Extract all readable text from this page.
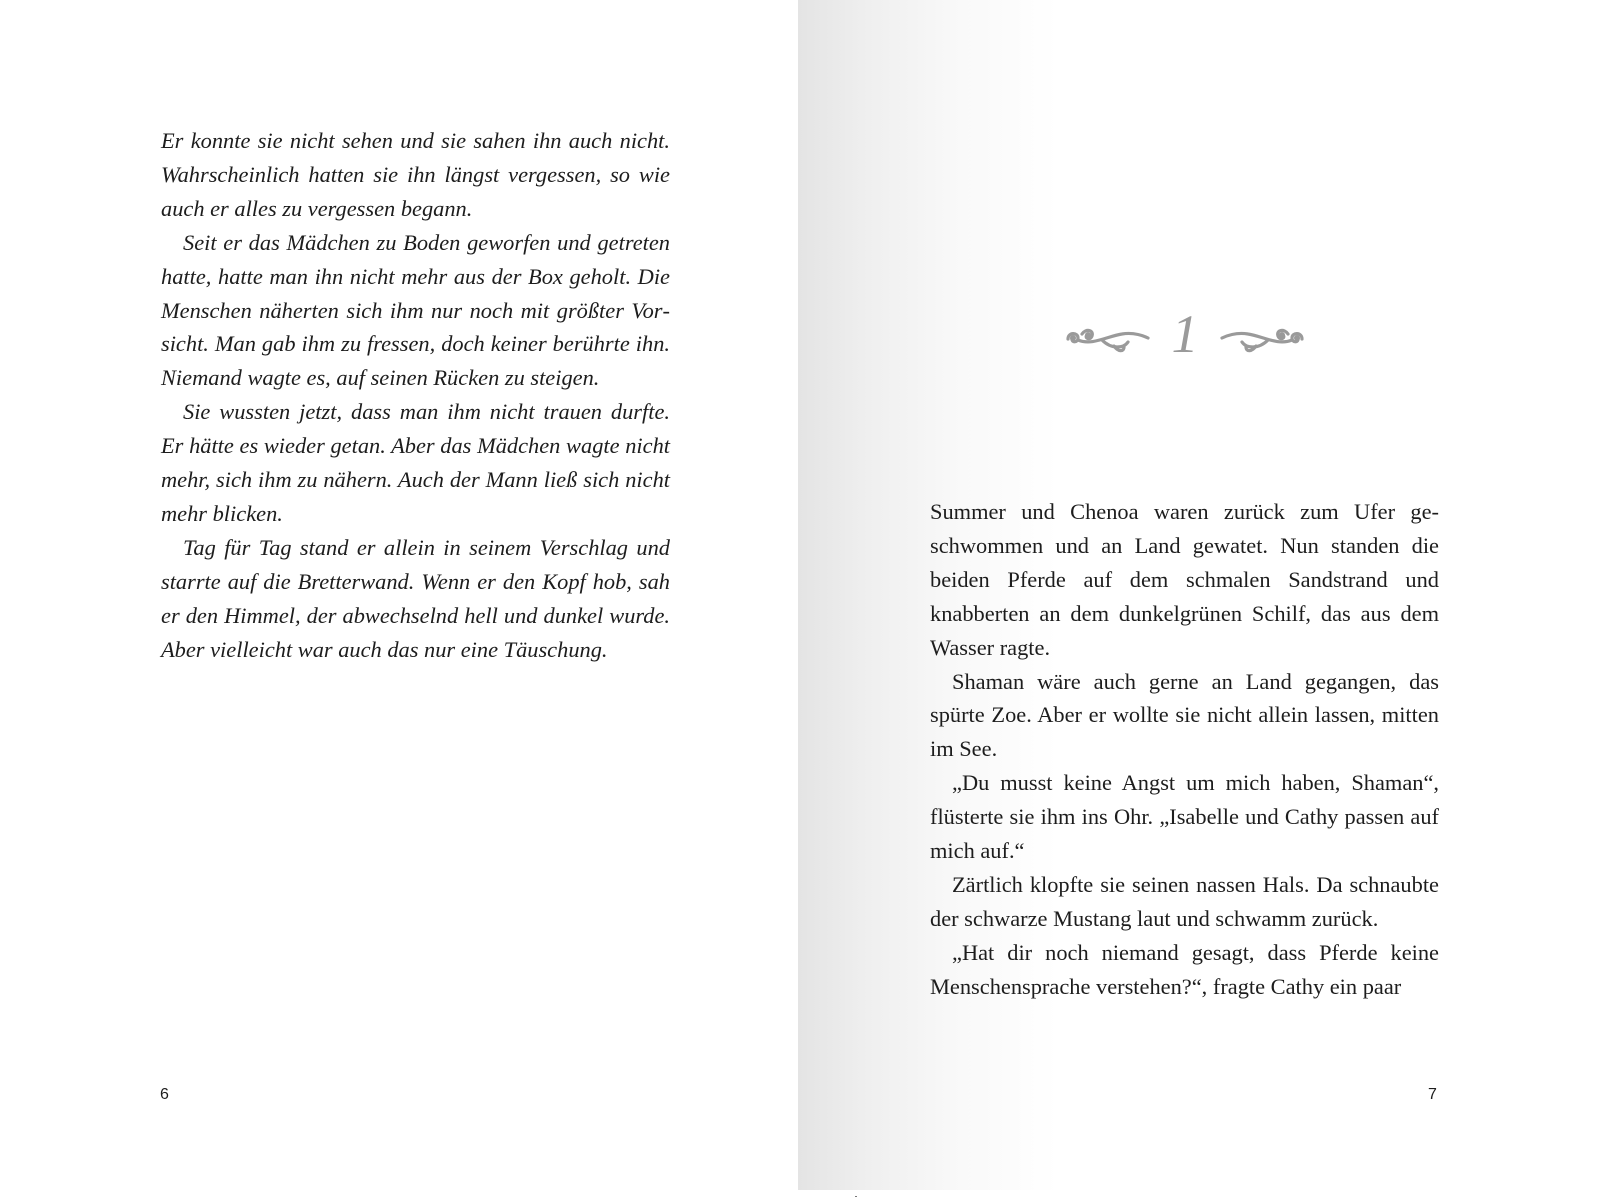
Er konnte sie nicht sehen und sie sahen ihn auch nicht. Wahrscheinlich hatten sie ihn längst vergessen, so wie auch er alles zu vergessen begann.

Seit er das Mädchen zu Boden geworfen und getreten hatte, hatte man ihn nicht mehr aus der Box geholt. Die Menschen näherten sich ihm nur noch mit größter Vorsicht. Man gab ihm zu fressen, doch keiner berührte ihn. Niemand wagte es, auf seinen Rücken zu steigen.

Sie wussten jetzt, dass man ihm nicht trauen durfte. Er hätte es wieder getan. Aber das Mädchen wagte nicht mehr, sich ihm zu nähern. Auch der Mann ließ sich nicht mehr blicken.

Tag für Tag stand er allein in seinem Verschlag und starrte auf die Bretterwand. Wenn er den Kopf hob, sah er den Himmel, der abwechselnd hell und dunkel wurde. Aber vielleicht war auch das nur eine Täuschung.

6
1

Summer und Chenoa waren zurück zum Ufer geschwommen und an Land gewatet. Nun standen die beiden Pferde auf dem schmalen Sandstrand und knabberten an dem dunkelgrünen Schilf, das aus dem Wasser ragte.

Shaman wäre auch gerne an Land gegangen, das spürte Zoe. Aber er wollte sie nicht allein lassen, mitten im See.

„Du musst keine Angst um mich haben, Shaman“, flüsterte sie ihm ins Ohr. „Isabelle und Cathy passen auf mich auf.“

Zärtlich klopfte sie seinen nassen Hals. Da schnaubte der schwarze Mustang laut und schwamm zurück.

„Hat dir noch niemand gesagt, dass Pferde keine Menschensprache verstehen?“, fragte Cathy ein paar

7
